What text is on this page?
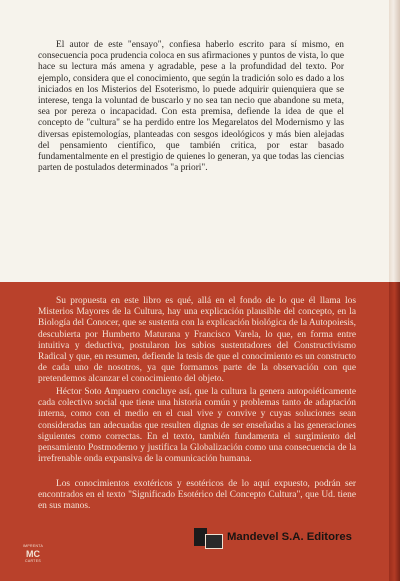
El autor de este "ensayo", confiesa haberlo escrito para sí mismo, en consecuencia poca prudencia coloca en sus afirmaciones y puntos de vista, lo que hace su lectura más amena y agradable, pese a la profundidad del texto. Por ejemplo, considera que el conocimiento, que según la tradición solo es dado a los iniciados en los Misterios del Esoterismo, lo puede adquirir quienquiera que se interese, tenga la voluntad de buscarlo y no sea tan necio que abandone su meta, sea por pereza o incapacidad. Con esta premisa, defiende la idea de que el concepto de "cultura" se ha perdido entre los Megarelatos del Modernismo y las diversas epistemologías, planteadas con sesgos ideológicos y más bien alejadas del pensamiento científico, que también critica, por estar basado fundamentalmente en el prestigio de quienes lo generan, ya que todas las ciencias parten de postulados determinados "a priori".

Su propuesta en este libro es qué, allá en el fondo de lo que él llama los Misterios Mayores de la Cultura, hay una explicación plausible del concepto, en la Biología del Conocer, que se sustenta con la explicación biológica de la Autopoiesis, descubierta por Humberto Maturana y Francisco Varela, lo que, en forma entre intuitiva y deductiva, postularon los sabios sustentadores del Constructivismo Radical y que, en resumen, defiende la tesis de que el conocimiento es un constructo de cada uno de nosotros, ya que formamos parte de la observación con que pretendemos alcanzar el conocimiento del objeto.

Héctor Soto Ampuero concluye así, que la cultura la genera autopoiéticamente cada colectivo social que tiene una historia común y problemas tanto de adaptación interna, como con el medio en el cual vive y convive y cuyas soluciones sean consideradas tan adecuadas que resulten dignas de ser enseñadas a las generaciones siguientes como correctas. En el texto, también fundamenta el surgimiento del pensamiento Postmoderno y justifica la Globalización como una consecuencia de la irrefrenable onda expansiva de la comunicación humana.

Los conocimientos exotéricos y esotéricos de lo aquí expuesto, podrán ser encontrados en el texto "Significado Esotérico del Concepto Cultura", que Ud. tiene en sus manos.

Mandevel S.A. Editores
IMPRENTA
MC
CARTES
